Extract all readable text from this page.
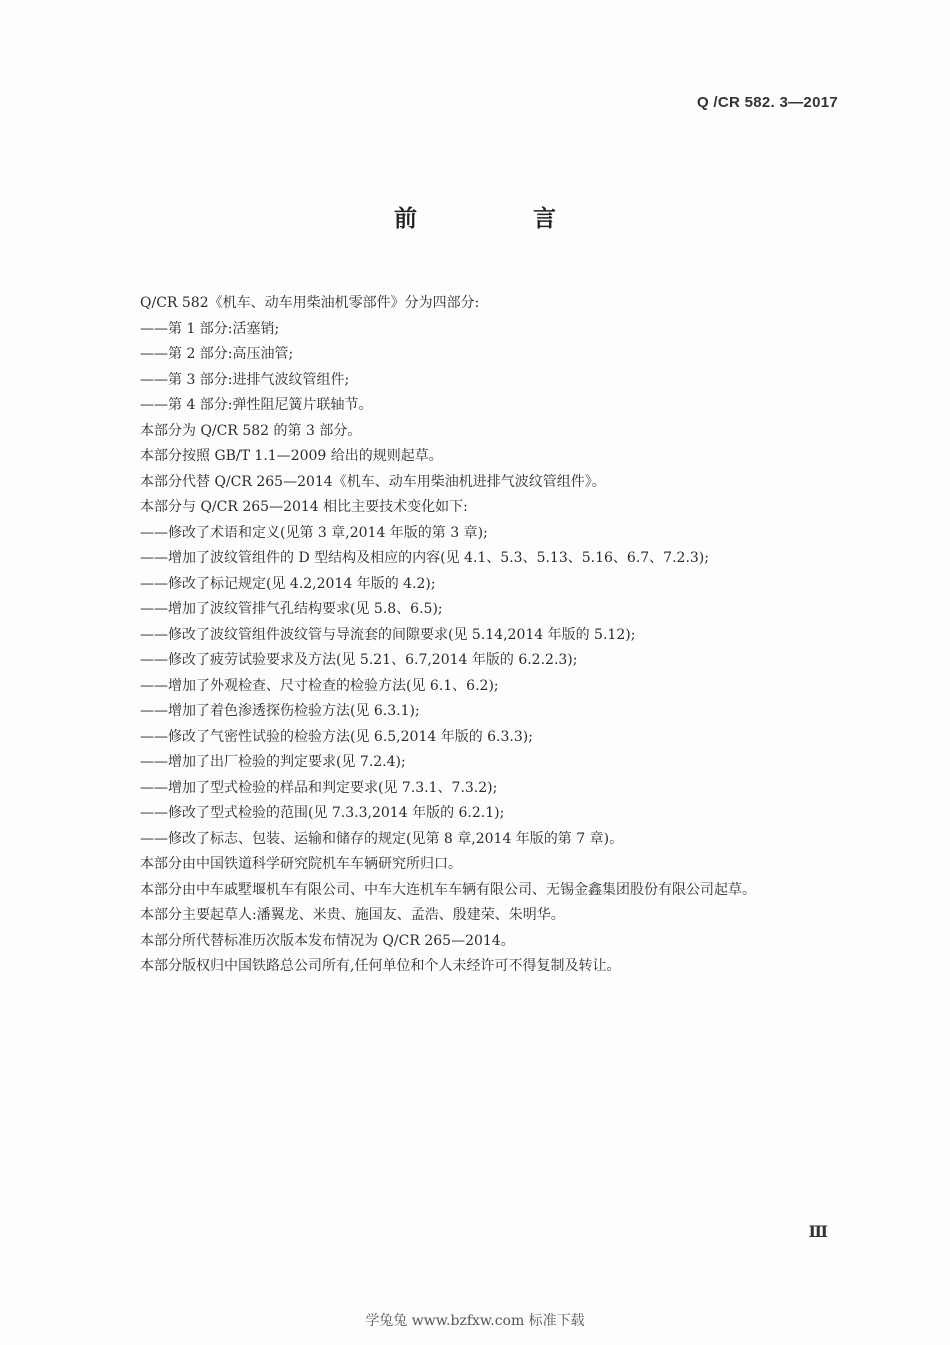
Q /CR 582. 3—2017
前 言

Q/CR 582《机车、动车用柴油机零部件》分为四部分:

——第 1 部分:活塞销;

——第 2 部分:高压油管;

——第 3 部分:进排气波纹管组件;

——第 4 部分:弹性阻尼簧片联轴节。

本部分为 Q/CR 582 的第 3 部分。

本部分按照 GB/T 1.1—2009 给出的规则起草。

本部分代替 Q/CR 265—2014《机车、动车用柴油机进排气波纹管组件》。

本部分与 Q/CR 265—2014 相比主要技术变化如下:

——修改了术语和定义(见第 3 章,2014 年版的第 3 章);

——增加了波纹管组件的 D 型结构及相应的内容(见 4.1、5.3、5.13、5.16、6.7、7.2.3);

——修改了标记规定(见 4.2,2014 年版的 4.2);

——增加了波纹管排气孔结构要求(见 5.8、6.5);

——修改了波纹管组件波纹管与导流套的间隙要求(见 5.14,2014 年版的 5.12);

——修改了疲劳试验要求及方法(见 5.21、6.7,2014 年版的 6.2.2.3);

——增加了外观检查、尺寸检查的检验方法(见 6.1、6.2);

——增加了着色渗透探伤检验方法(见 6.3.1);

——修改了气密性试验的检验方法(见 6.5,2014 年版的 6.3.3);

——增加了出厂检验的判定要求(见 7.2.4);

——增加了型式检验的样品和判定要求(见 7.3.1、7.3.2);

——修改了型式检验的范围(见 7.3.3,2014 年版的 6.2.1);

——修改了标志、包装、运输和储存的规定(见第 8 章,2014 年版的第 7 章)。

本部分由中国铁道科学研究院机车车辆研究所归口。

本部分由中车戚墅堰机车有限公司、中车大连机车车辆有限公司、无锡金鑫集团股份有限公司起草。

本部分主要起草人:潘翼龙、米贵、施国友、孟浩、殷建荣、朱明华。

本部分所代替标准历次版本发布情况为 Q/CR 265—2014。

本部分版权归中国铁路总公司所有,任何单位和个人未经许可不得复制及转让。

Ⅲ
学兔兔 www.bzfxw.com 标准下载
